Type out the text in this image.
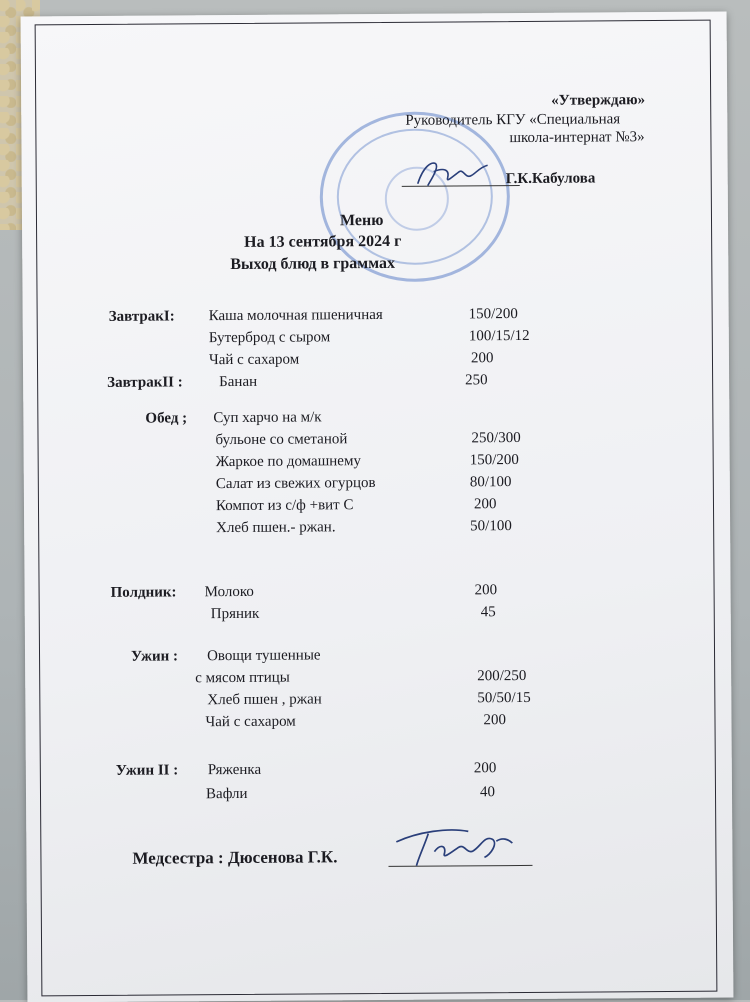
«Утверждаю»
Руководитель КГУ «Специальная
школа-интернат №3»
Г.К.Кабулова
Меню
На 13 сентября 2024 г
Выход блюд в граммах
ЗавтракI: Каша молочная пшеничная	150/200
Бутерброд с сыром	100/15/12
Чай с сахаром	200
ЗавтракII : Банан	250
Обед ; Суп харчо на м/к
бульоне со сметаной	250/300
Жаркое по домашнему	150/200
Салат из свежих огурцов	80/100
Компот из с/ф +вит С	200
Хлеб пшен.- ржан.	50/100
Полдник: Молоко	200
Пряник	45
Ужин : Овощи тушенные
с мясом птицы	200/250
Хлеб пшен , ржан	50/50/15
Чай с сахаром	200
Ужин II : Ряженка	200
Вафли	40
Медсестра : Дюсенова Г.К.
